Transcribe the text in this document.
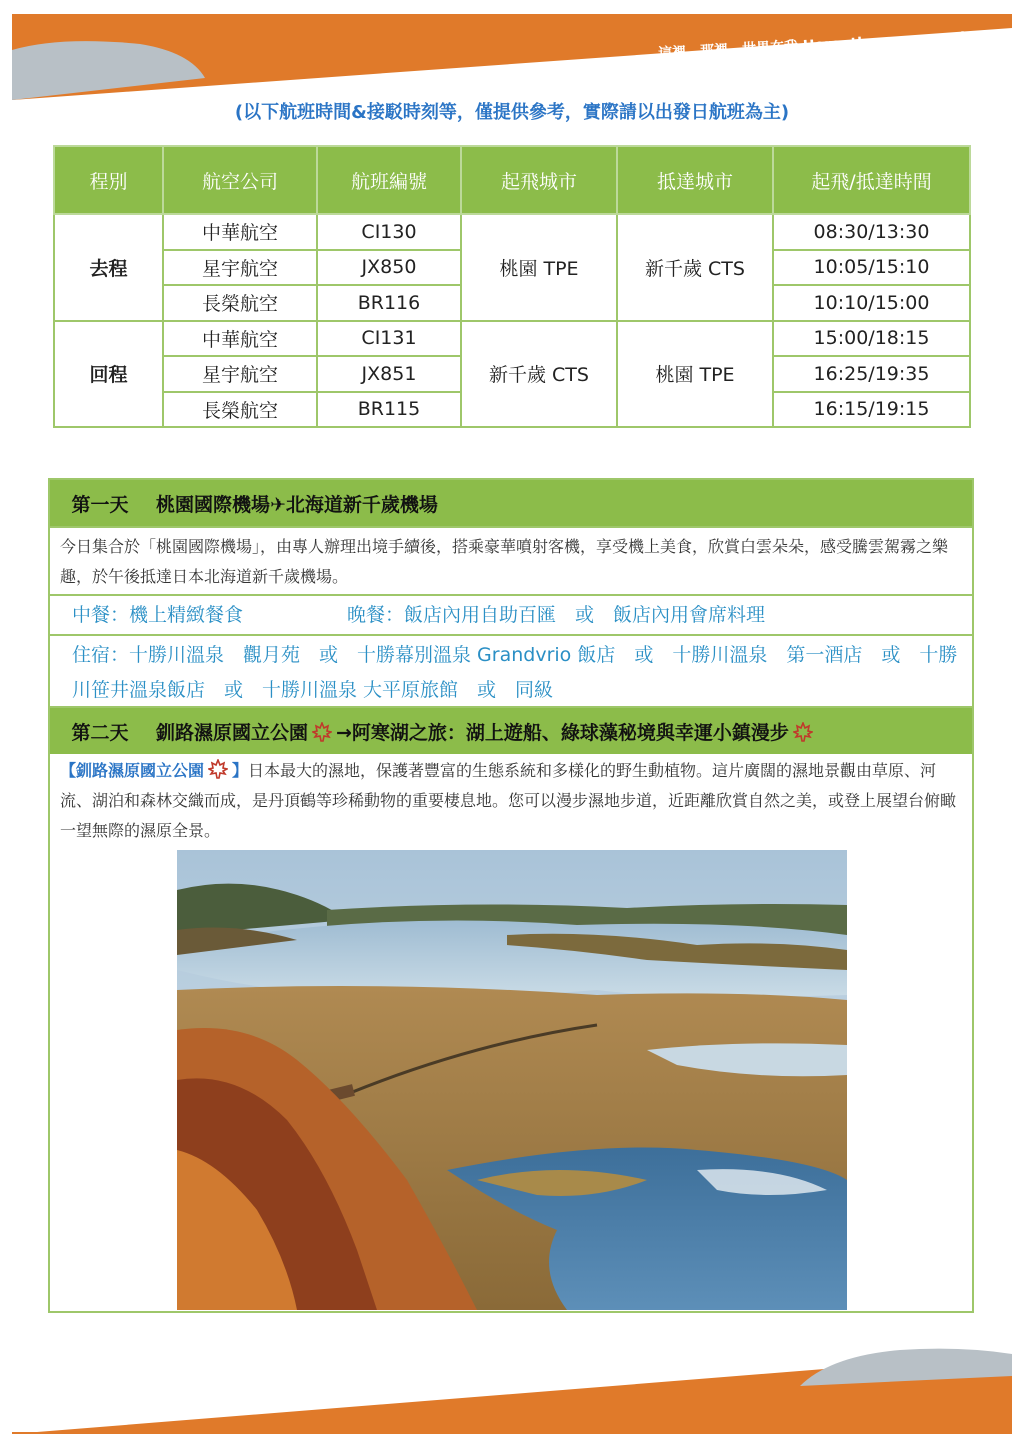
這裡，那裡，世界在我 Here, there, everywhere
(以下航班時間&接駁時刻等，僅提供參考，實際請以出發日航班為主)
程別	航空公司	航班編號	起飛城市	抵達城市	起飛/抵達時間
去程	中華航空	CI130	桃園 TPE	新千歲 CTS	08:30/13:30
	星宇航空	JX850			10:05/15:10
	長榮航空	BR116			10:10/15:00
回程	中華航空	CI131	新千歲 CTS	桃園 TPE	15:00/18:15
	星宇航空	JX851			16:25/19:35
	長榮航空	BR115			16:15/19:15
第一天	桃園國際機場✈北海道新千歲機場
今日集合於「桃園國際機場」，由專人辦理出境手續後，搭乘豪華噴射客機，享受機上美食，欣賞白雲朵朵，感受騰雲駕霧之樂趣，於午後抵達日本北海道新千歲機場。
中餐：機上精緻餐食	晚餐：飯店內用自助百匯　或　飯店內用會席料理
住宿：十勝川溫泉　觀月苑　或　十勝幕別溫泉 Grandvrio 飯店　或　十勝川溫泉　第一酒店　或　十勝川笹井溫泉飯店　或　十勝川溫泉 大平原旅館　或　同級
第二天	釧路濕原國立公園 →阿寒湖之旅：湖上遊船、綠球藻秘境與幸運小鎮漫步
【釧路濕原國立公園 】日本最大的濕地，保護著豐富的生態系統和多樣化的野生動植物。這片廣闊的濕地景觀由草原、河流、湖泊和森林交織而成，是丹頂鶴等珍稀動物的重要棲息地。您可以漫步濕地步道，近距離欣賞自然之美，或登上展望台俯瞰一望無際的濕原全景。
這裡，那裡，世界在我 Here, there, everywhere
